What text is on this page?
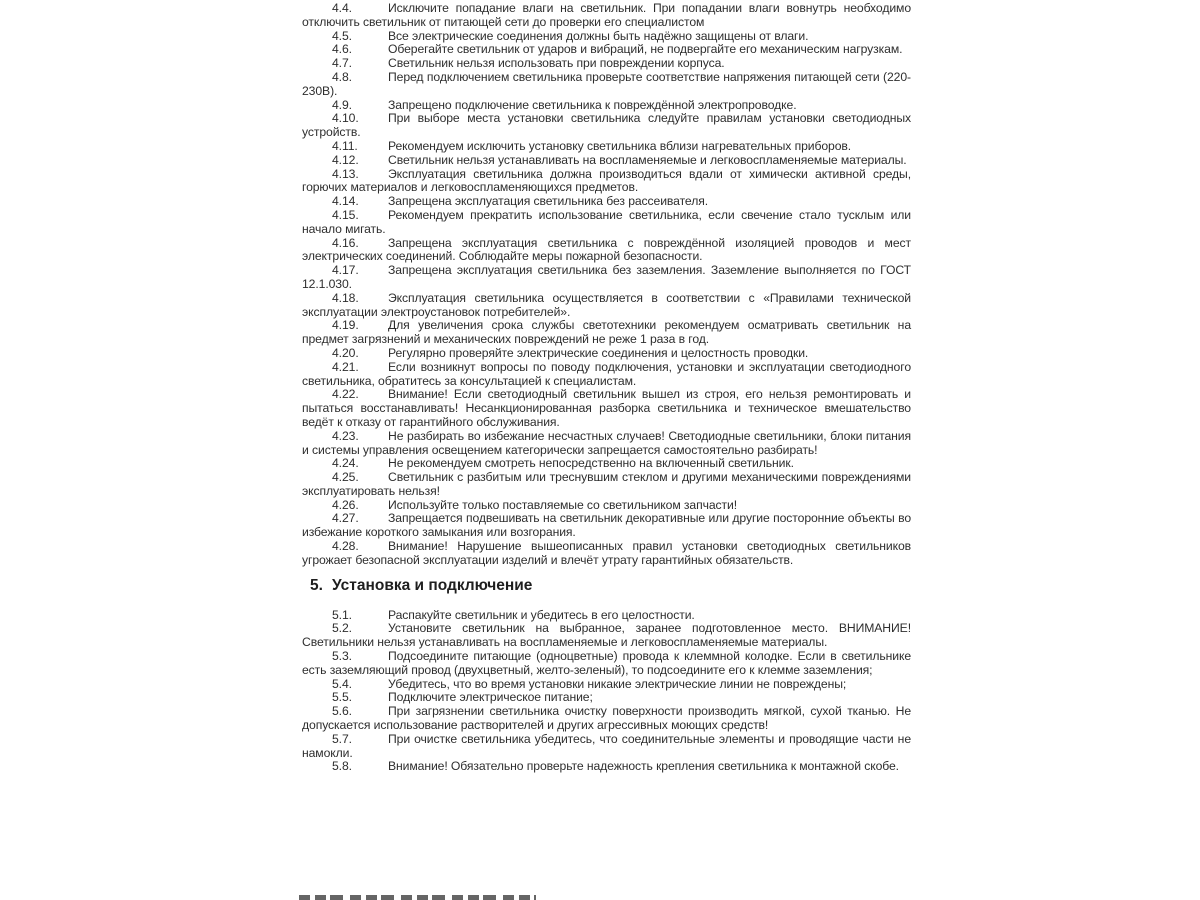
4.4.	Исключите попадание влаги на светильник. При попадании влаги вовнутрь необходимо отключить светильник от питающей сети до проверки его специалистом

4.5.	Все электрические соединения должны быть надёжно защищены от влаги.

4.6.	Оберегайте светильник от ударов и вибраций, не подвергайте его механическим нагрузкам.

4.7.	Светильник нельзя использовать при повреждении корпуса.

4.8.	Перед подключением светильника проверьте соответствие напряжения питающей сети (220-230В).

4.9.	Запрещено подключение светильника к повреждённой электропроводке.

4.10. При выборе места установки светильника следуйте правилам установки светодиодных устройств.

4.11. Рекомендуем исключить установку светильника вблизи нагревательных приборов.

4.12. Светильник нельзя устанавливать на воспламеняемые и легковоспламеняемые материалы.

4.13. Эксплуатация светильника должна производиться вдали от химически активной среды, горючих материалов и легковоспламеняющихся предметов.

4.14. Запрещена эксплуатация светильника без рассеивателя.

4.15. Рекомендуем прекратить использование светильника, если свечение стало тусклым или начало мигать.

4.16. Запрещена эксплуатация светильника с повреждённой изоляцией проводов и мест электрических соединений. Соблюдайте меры пожарной безопасности.

4.17. Запрещена эксплуатация светильника без заземления. Заземление выполняется по ГОСТ 12.1.030.

4.18. Эксплуатация светильника осуществляется в соответствии с «Правилами технической эксплуатации электроустановок потребителей».

4.19. Для увеличения срока службы светотехники рекомендуем осматривать светильник на предмет загрязнений и механических повреждений не реже 1 раза в год.

4.20. Регулярно проверяйте электрические соединения и целостность проводки.

4.21. Если возникнут вопросы по поводу подключения, установки и эксплуатации светодиодного светильника, обратитесь за консультацией к специалистам.

4.22. Внимание! Если светодиодный светильник вышел из строя, его нельзя ремонтировать и пытаться восстанавливать! Несанкционированная разборка светильника и техническое вмешательство ведёт к отказу от гарантийного обслуживания.

4.23. Не разбирать во избежание несчастных случаев! Светодиодные светильники, блоки питания и системы управления освещением категорически запрещается самостоятельно разбирать!

4.24. Не рекомендуем смотреть непосредственно на включенный светильник.

4.25. Светильник с разбитым или треснувшим стеклом и другими механическими повреждениями эксплуатировать нельзя!

4.26. Используйте только поставляемые со светильником запчасти!

4.27. Запрещается подвешивать на светильник декоративные или другие посторонние объекты во избежание короткого замыкания или возгорания.

4.28. Внимание! Нарушение вышеописанных правил установки светодиодных светильников угрожает безопасной эксплуатации изделий и влечёт утрату гарантийных обязательств.

5. Установка и подключение

5.1.	Распакуйте светильник и убедитесь в его целостности.

5.2.	Установите светильник на выбранное, заранее подготовленное место. ВНИМАНИЕ! Светильники нельзя устанавливать на воспламеняемые и легковоспламеняемые материалы.

5.3.	Подсоедините питающие (одноцветные) провода к клеммной колодке. Если в светильнике есть заземляющий провод (двухцветный, желто-зеленый), то подсоедините его к клемме заземления;

5.4.	Убедитесь, что во время установки никакие электрические линии не повреждены;

5.5.	Подключите электрическое питание;

5.6.	При загрязнении светильника очистку поверхности производить мягкой, сухой тканью. Не допускается использование растворителей и других агрессивных моющих средств!

5.7.	При очистке светильника убедитесь, что соединительные элементы и проводящие части не намокли.

5.8.	Внимание! Обязательно проверьте надежность крепления светильника к монтажной скобе.
